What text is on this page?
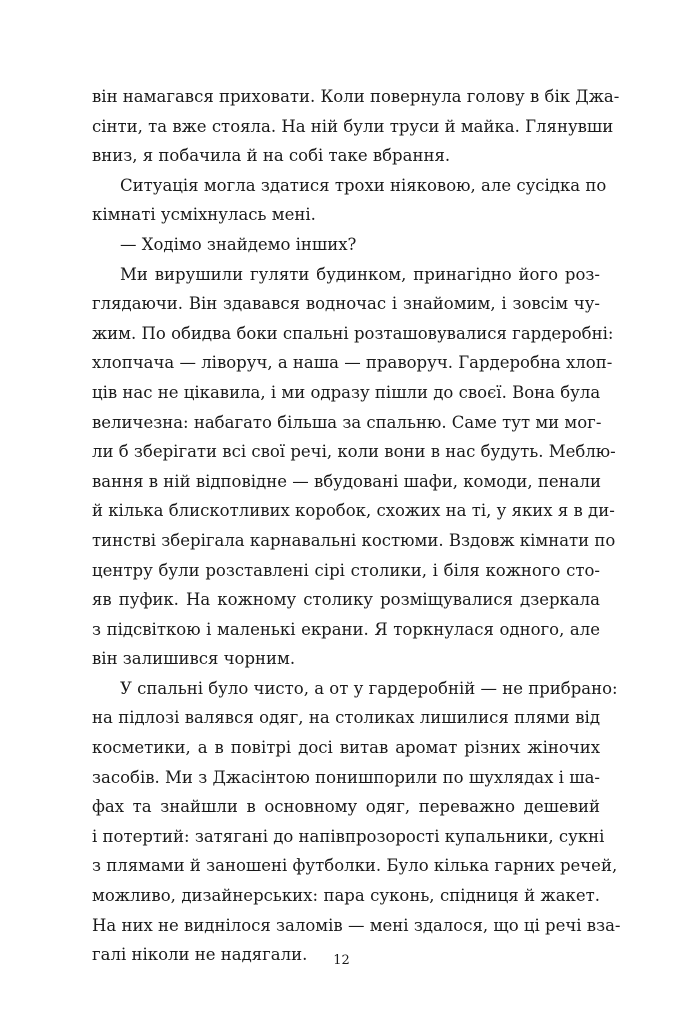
він намагався приховати. Коли повернула голову в бік Джа-
сінти, та вже стояла. На ній були труси й майка. Глянувши
вниз, я побачила й на собі таке вбрання.
Ситуація могла здатися трохи ніяковою, але сусідка по
кімнаті усміхнулась мені.
— Ходімо знайдемо інших?
Ми вирушили гуляти будинком, принагідно його роз-
глядаючи. Він здавався водночас і знайомим, і зовсім чу-
жим. По обидва боки спальні розташовувалися гардеробні:
хлопчача — ліворуч, а наша — праворуч. Гардеробна хлоп-
ців нас не цікавила, і ми одразу пішли до своєї. Вона була
величезна: набагато більша за спальню. Саме тут ми мог-
ли б зберігати всі свої речі, коли вони в нас будуть. Меблю-
вання в ній відповідне — вбудовані шафи, комоди, пенали
й кілька блискотливих коробок, схожих на ті, у яких я в ди-
тинстві зберігала карнавальні костюми. Вздовж кімнати по
центру були розставлені сірі столики, і біля кожного сто-
яв пуфик. На кожному столику розміщувалися дзеркала
з підсвіткою і маленькі екрани. Я торкнулася одного, але
він залишився чорним.
У спальні було чисто, а от у гардеробній — не прибрано:
на підлозі валявся одяг, на столиках лишилися плями від
косметики, а в повітрі досі витав аромат різних жіночих
засобів. Ми з Джасінтою понишпорили по шухлядах і ша-
фах та знайшли в основному одяг, переважно дешевий
і потертий: затягані до напівпрозорості купальники, сукні
з плямами й заношені футболки. Було кілька гарних речей,
можливо, дизайнерських: пара суконь, спідниця й жакет.
На них не виднілося заломів — мені здалося, що ці речі вза-
галі ніколи не надягали.	12
